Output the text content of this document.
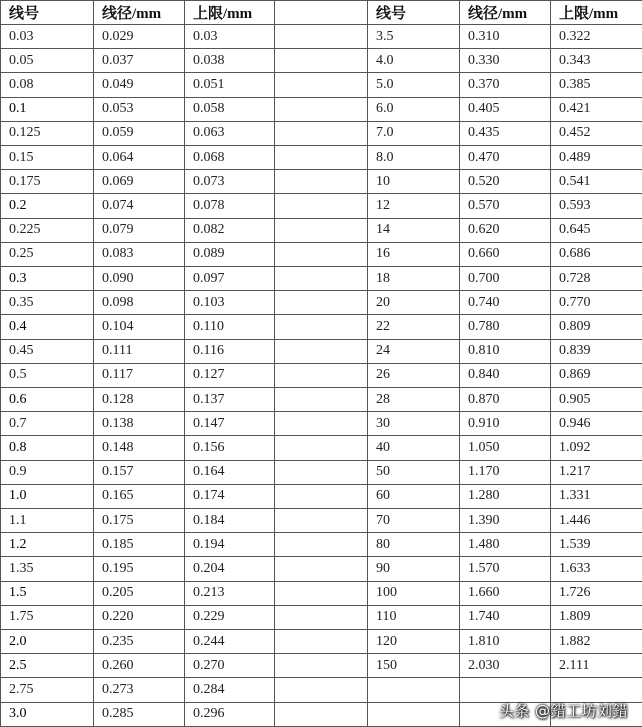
线号	线径/mm	上限/mm		线号	线径/mm	上限/mm
0.03	0.029	0.03		3.5	0.310	0.322
0.05	0.037	0.038		4.0	0.330	0.343
0.08	0.049	0.051		5.0	0.370	0.385
0.1	0.053	0.058		6.0	0.405	0.421
0.125	0.059	0.063		7.0	0.435	0.452
0.15	0.064	0.068		8.0	0.470	0.489
0.175	0.069	0.073		10	0.520	0.541
0.2	0.074	0.078		12	0.570	0.593
0.225	0.079	0.082		14	0.620	0.645
0.25	0.083	0.089		16	0.660	0.686
0.3	0.090	0.097		18	0.700	0.728
0.35	0.098	0.103		20	0.740	0.770
0.4	0.104	0.110		22	0.780	0.809
0.45	0.111	0.116		24	0.810	0.839
0.5	0.117	0.127		26	0.840	0.869
0.6	0.128	0.137		28	0.870	0.905
0.7	0.138	0.147		30	0.910	0.946
0.8	0.148	0.156		40	1.050	1.092
0.9	0.157	0.164		50	1.170	1.217
1.0	0.165	0.174		60	1.280	1.331
1.1	0.175	0.184		70	1.390	1.446
1.2	0.185	0.194		80	1.480	1.539
1.35	0.195	0.204		90	1.570	1.633
1.5	0.205	0.213		100	1.660	1.726
1.75	0.220	0.229		110	1.740	1.809
2.0	0.235	0.244		120	1.810	1.882
2.5	0.260	0.270		150	2.030	2.111
2.75	0.273	0.284				
3.0	0.285	0.296					头条 @錯工坊刘錯
